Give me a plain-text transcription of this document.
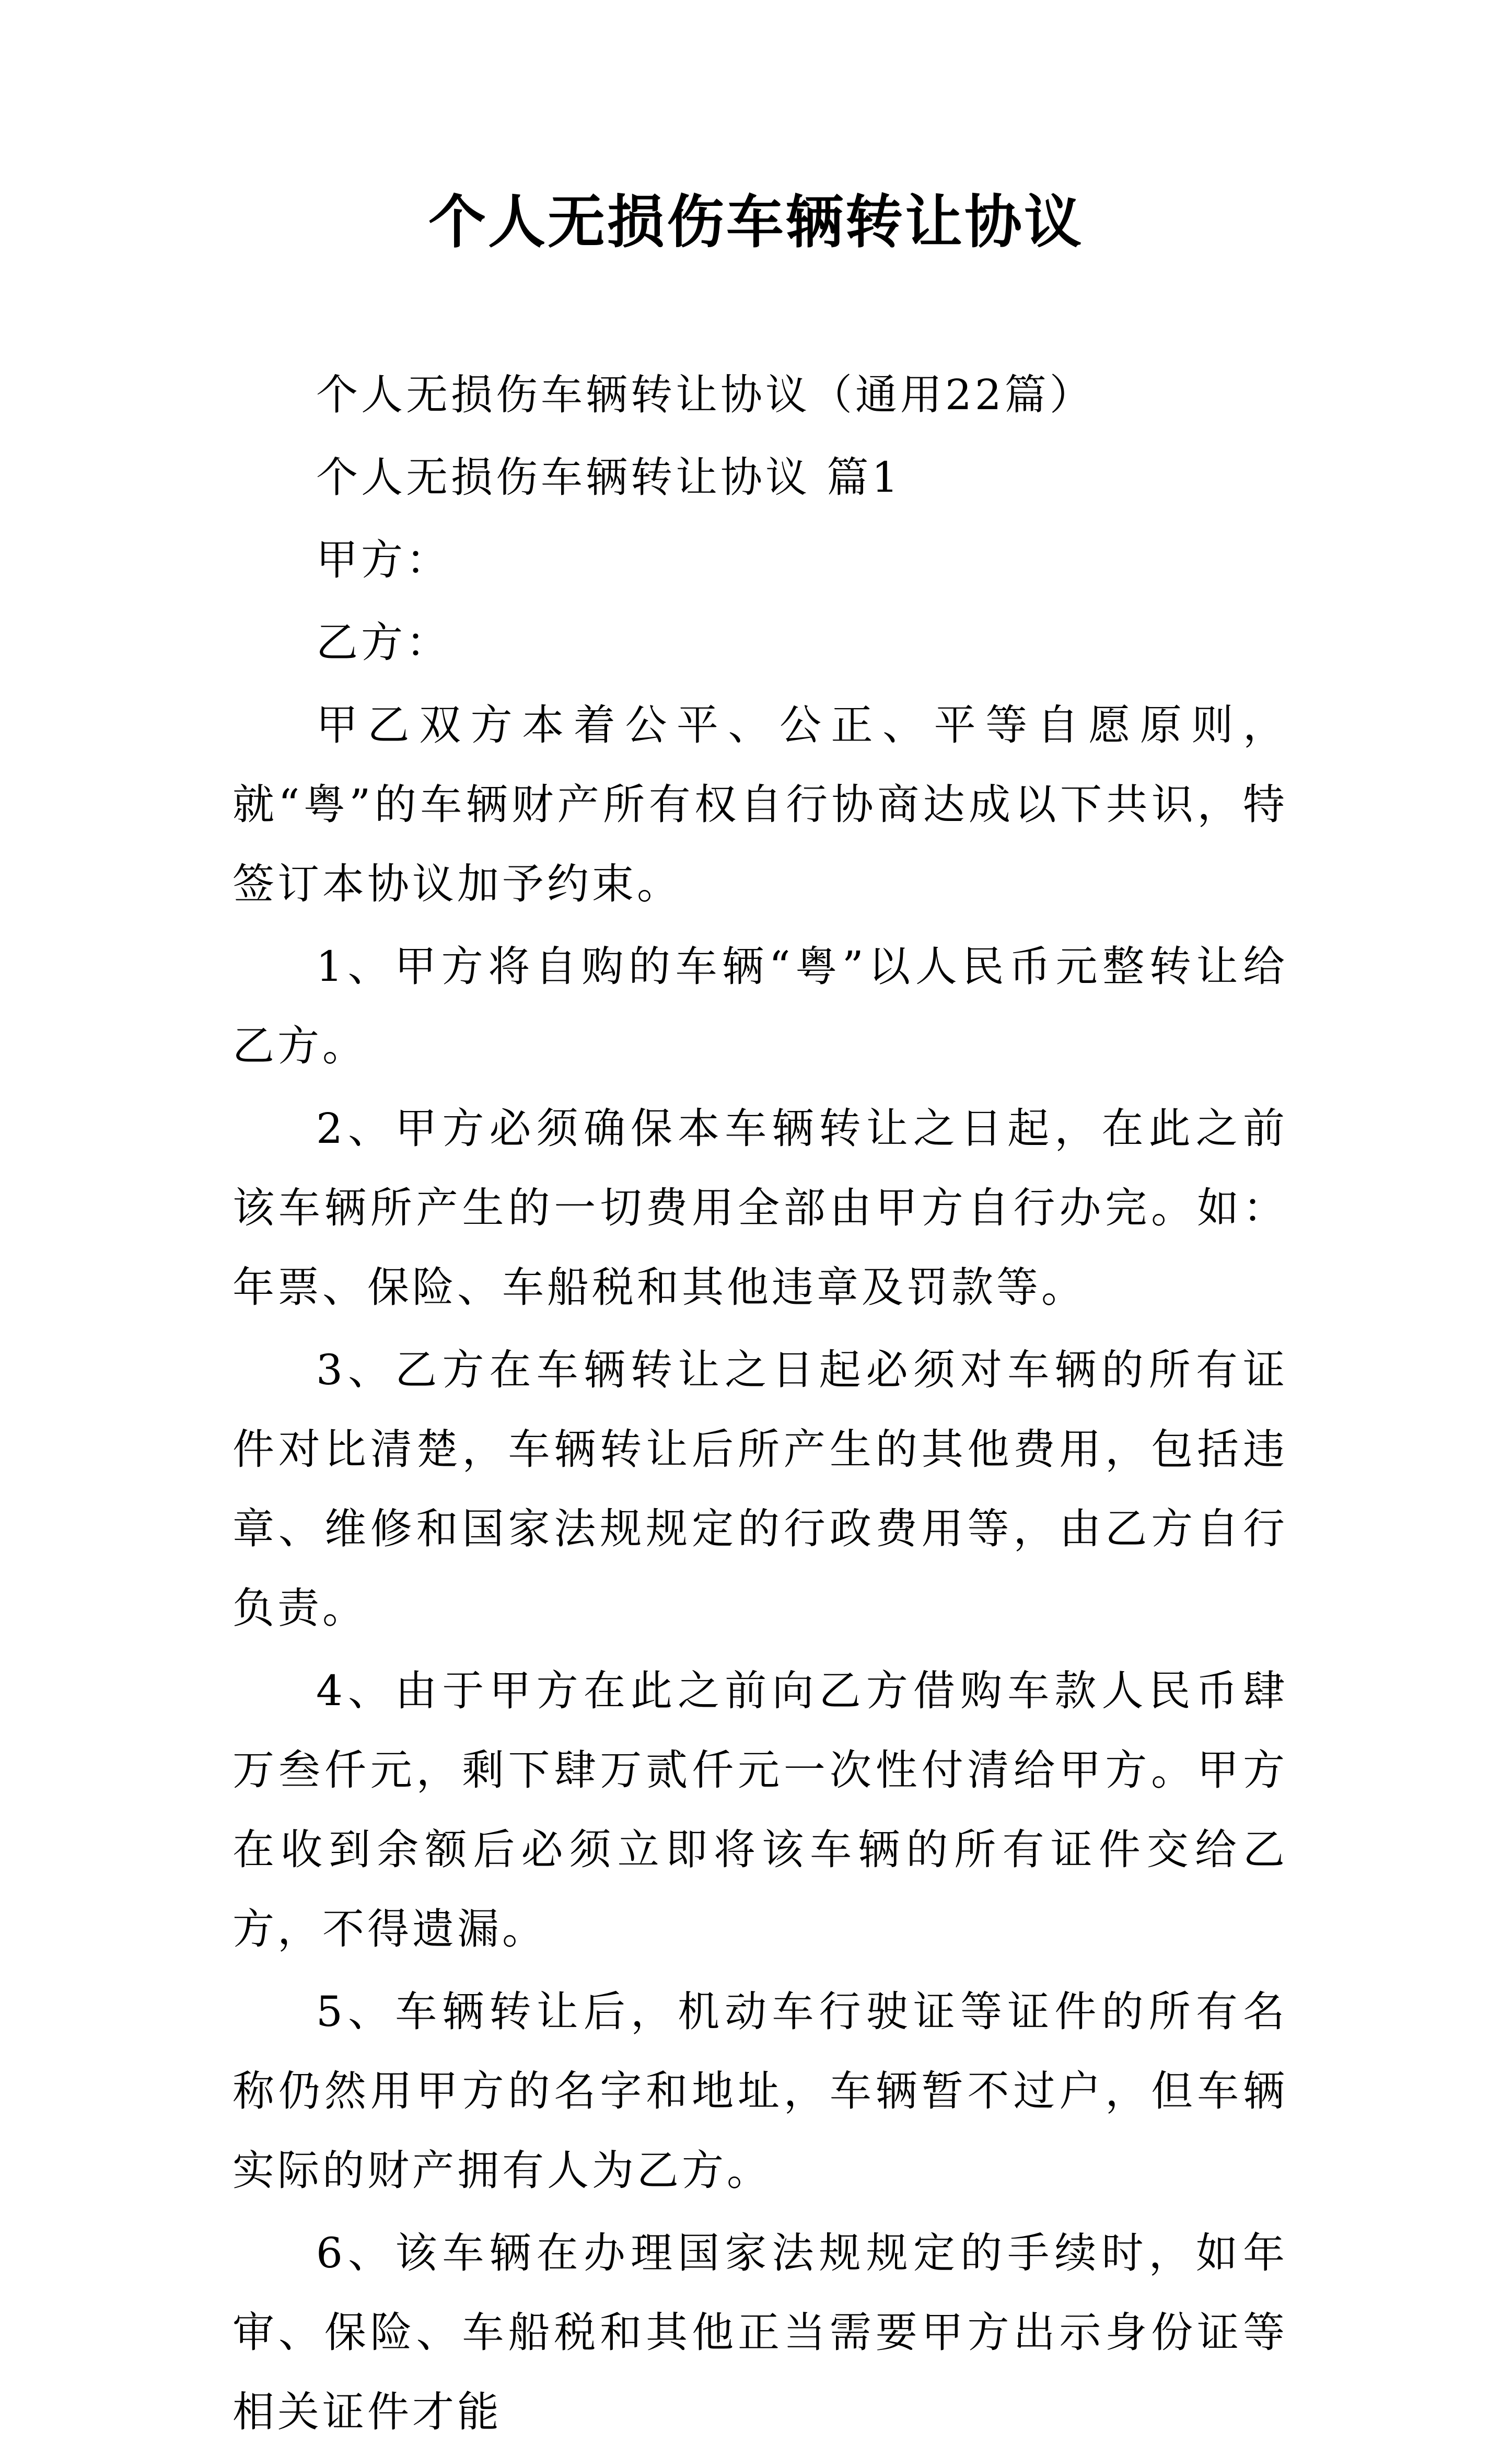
个人无损伤车辆转让协议

个人无损伤车辆转让协议（通用22篇）

个人无损伤车辆转让协议 篇1

甲方：

乙方：

甲乙双方本着公平、公正、平等自愿原则，就“粤”的车辆财产所有权自行协商达成以下共识，特签订本协议加予约束。

1、甲方将自购的车辆“粤”以人民币元整转让给乙方。

2、甲方必须确保本车辆转让之日起，在此之前该车辆所产生的一切费用全部由甲方自行办完。如：年票、保险、车船税和其他违章及罚款等。

3、乙方在车辆转让之日起必须对车辆的所有证件对比清楚，车辆转让后所产生的其他费用，包括违章、维修和国家法规规定的行政费用等，由乙方自行负责。

4、由于甲方在此之前向乙方借购车款人民币肆万叁仟元，剩下肆万贰仟元一次性付清给甲方。甲方在收到余额后必须立即将该车辆的所有证件交给乙方，不得遗漏。

5、车辆转让后，机动车行驶证等证件的所有名称仍然用甲方的名字和地址，车辆暂不过户，但车辆实际的财产拥有人为乙方。

6、该车辆在办理国家法规规定的手续时，如年审、保险、车船税和其他正当需要甲方出示身份证等相关证件才能
